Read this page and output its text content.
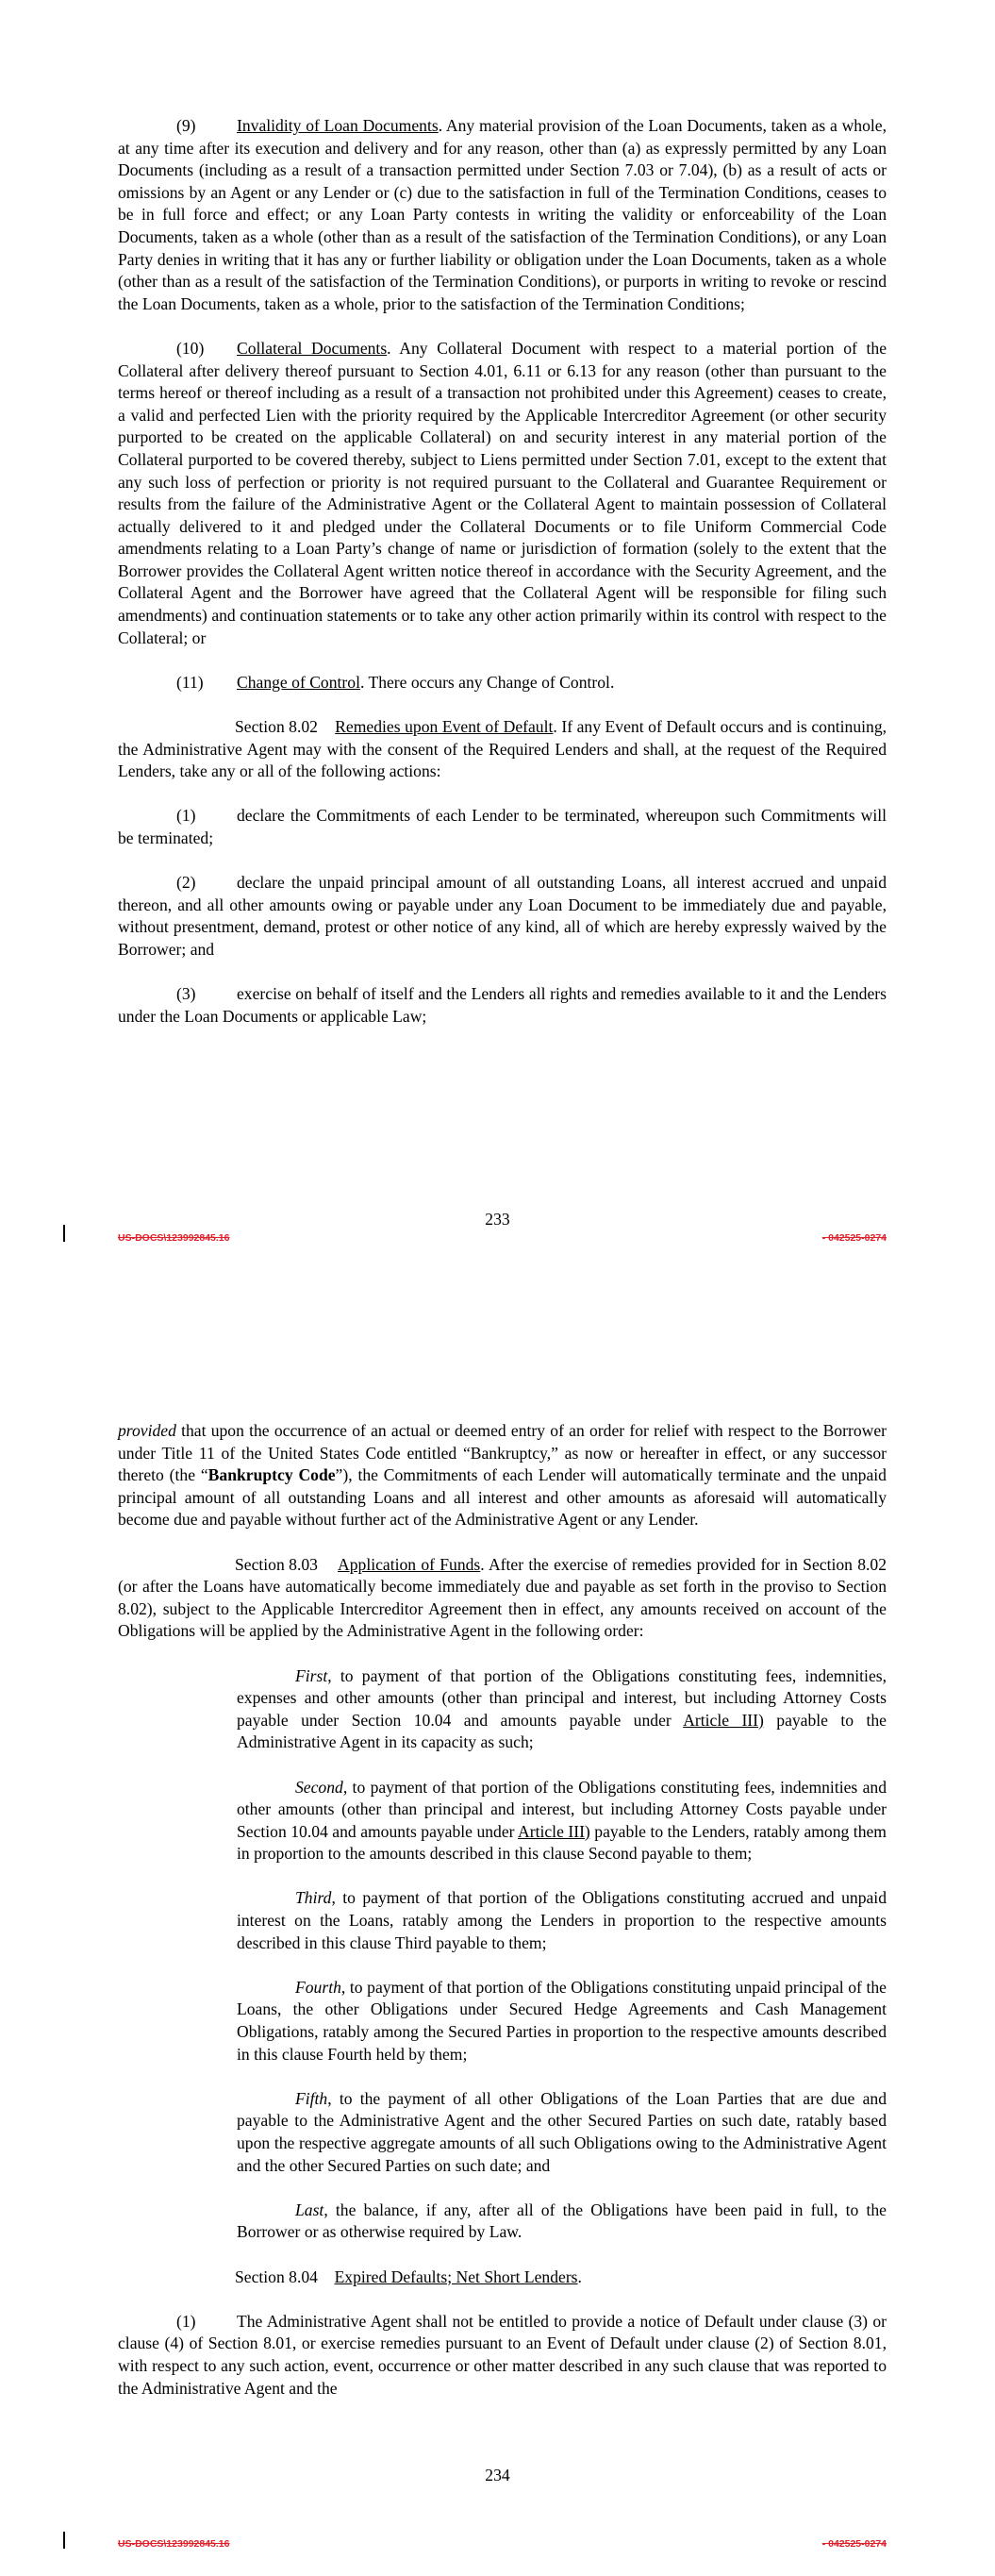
(9) Invalidity of Loan Documents. Any material provision of the Loan Documents, taken as a whole, at any time after its execution and delivery and for any reason, other than (a) as expressly permitted by any Loan Documents (including as a result of a transaction permitted under Section 7.03 or 7.04), (b) as a result of acts or omissions by an Agent or any Lender or (c) due to the satisfaction in full of the Termination Conditions, ceases to be in full force and effect; or any Loan Party contests in writing the validity or enforceability of the Loan Documents, taken as a whole (other than as a result of the satisfaction of the Termination Conditions), or any Loan Party denies in writing that it has any or further liability or obligation under the Loan Documents, taken as a whole (other than as a result of the satisfaction of the Termination Conditions), or purports in writing to revoke or rescind the Loan Documents, taken as a whole, prior to the satisfaction of the Termination Conditions;

(10) Collateral Documents. Any Collateral Document with respect to a material portion of the Collateral after delivery thereof pursuant to Section 4.01, 6.11 or 6.13 for any reason (other than pursuant to the terms hereof or thereof including as a result of a transaction not prohibited under this Agreement) ceases to create, a valid and perfected Lien with the priority required by the Applicable Intercreditor Agreement (or other security purported to be created on the applicable Collateral) on and security interest in any material portion of the Collateral purported to be covered thereby, subject to Liens permitted under Section 7.01, except to the extent that any such loss of perfection or priority is not required pursuant to the Collateral and Guarantee Requirement or results from the failure of the Administrative Agent or the Collateral Agent to maintain possession of Collateral actually delivered to it and pledged under the Collateral Documents or to file Uniform Commercial Code amendments relating to a Loan Party’s change of name or jurisdiction of formation (solely to the extent that the Borrower provides the Collateral Agent written notice thereof in accordance with the Security Agreement, and the Collateral Agent and the Borrower have agreed that the Collateral Agent will be responsible for filing such amendments) and continuation statements or to take any other action primarily within its control with respect to the Collateral; or

(11) Change of Control. There occurs any Change of Control.

Section 8.02 Remedies upon Event of Default. If any Event of Default occurs and is continuing, the Administrative Agent may with the consent of the Required Lenders and shall, at the request of the Required Lenders, take any or all of the following actions:

(1) declare the Commitments of each Lender to be terminated, whereupon such Commitments will be terminated;

(2) declare the unpaid principal amount of all outstanding Loans, all interest accrued and unpaid thereon, and all other amounts owing or payable under any Loan Document to be immediately due and payable, without presentment, demand, protest or other notice of any kind, all of which are hereby expressly waived by the Borrower; and

(3) exercise on behalf of itself and the Lenders all rights and remedies available to it and the Lenders under the Loan Documents or applicable Law;

233
US-DOCS\123992845.16	- 042525-0274

provided that upon the occurrence of an actual or deemed entry of an order for relief with respect to the Borrower under Title 11 of the United States Code entitled “Bankruptcy,” as now or hereafter in effect, or any successor thereto (the “Bankruptcy Code”), the Commitments of each Lender will automatically terminate and the unpaid principal amount of all outstanding Loans and all interest and other amounts as aforesaid will automatically become due and payable without further act of the Administrative Agent or any Lender.

Section 8.03 Application of Funds. After the exercise of remedies provided for in Section 8.02 (or after the Loans have automatically become immediately due and payable as set forth in the proviso to Section 8.02), subject to the Applicable Intercreditor Agreement then in effect, any amounts received on account of the Obligations will be applied by the Administrative Agent in the following order:

First, to payment of that portion of the Obligations constituting fees, indemnities, expenses and other amounts (other than principal and interest, but including Attorney Costs payable under Section 10.04 and amounts payable under Article III) payable to the Administrative Agent in its capacity as such;

Second, to payment of that portion of the Obligations constituting fees, indemnities and other amounts (other than principal and interest, but including Attorney Costs payable under Section 10.04 and amounts payable under Article III) payable to the Lenders, ratably among them in proportion to the amounts described in this clause Second payable to them;

Third, to payment of that portion of the Obligations constituting accrued and unpaid interest on the Loans, ratably among the Lenders in proportion to the respective amounts described in this clause Third payable to them;

Fourth, to payment of that portion of the Obligations constituting unpaid principal of the Loans, the other Obligations under Secured Hedge Agreements and Cash Management Obligations, ratably among the Secured Parties in proportion to the respective amounts described in this clause Fourth held by them;

Fifth, to the payment of all other Obligations of the Loan Parties that are due and payable to the Administrative Agent and the other Secured Parties on such date, ratably based upon the respective aggregate amounts of all such Obligations owing to the Administrative Agent and the other Secured Parties on such date; and

Last, the balance, if any, after all of the Obligations have been paid in full, to the Borrower or as otherwise required by Law.

Section 8.04 Expired Defaults; Net Short Lenders.

(1) The Administrative Agent shall not be entitled to provide a notice of Default under clause (3) or clause (4) of Section 8.01, or exercise remedies pursuant to an Event of Default under clause (2) of Section 8.01, with respect to any such action, event, occurrence or other matter described in any such clause that was reported to the Administrative Agent and the

234
US-DOCS\123992845.16	- 042525-0274
